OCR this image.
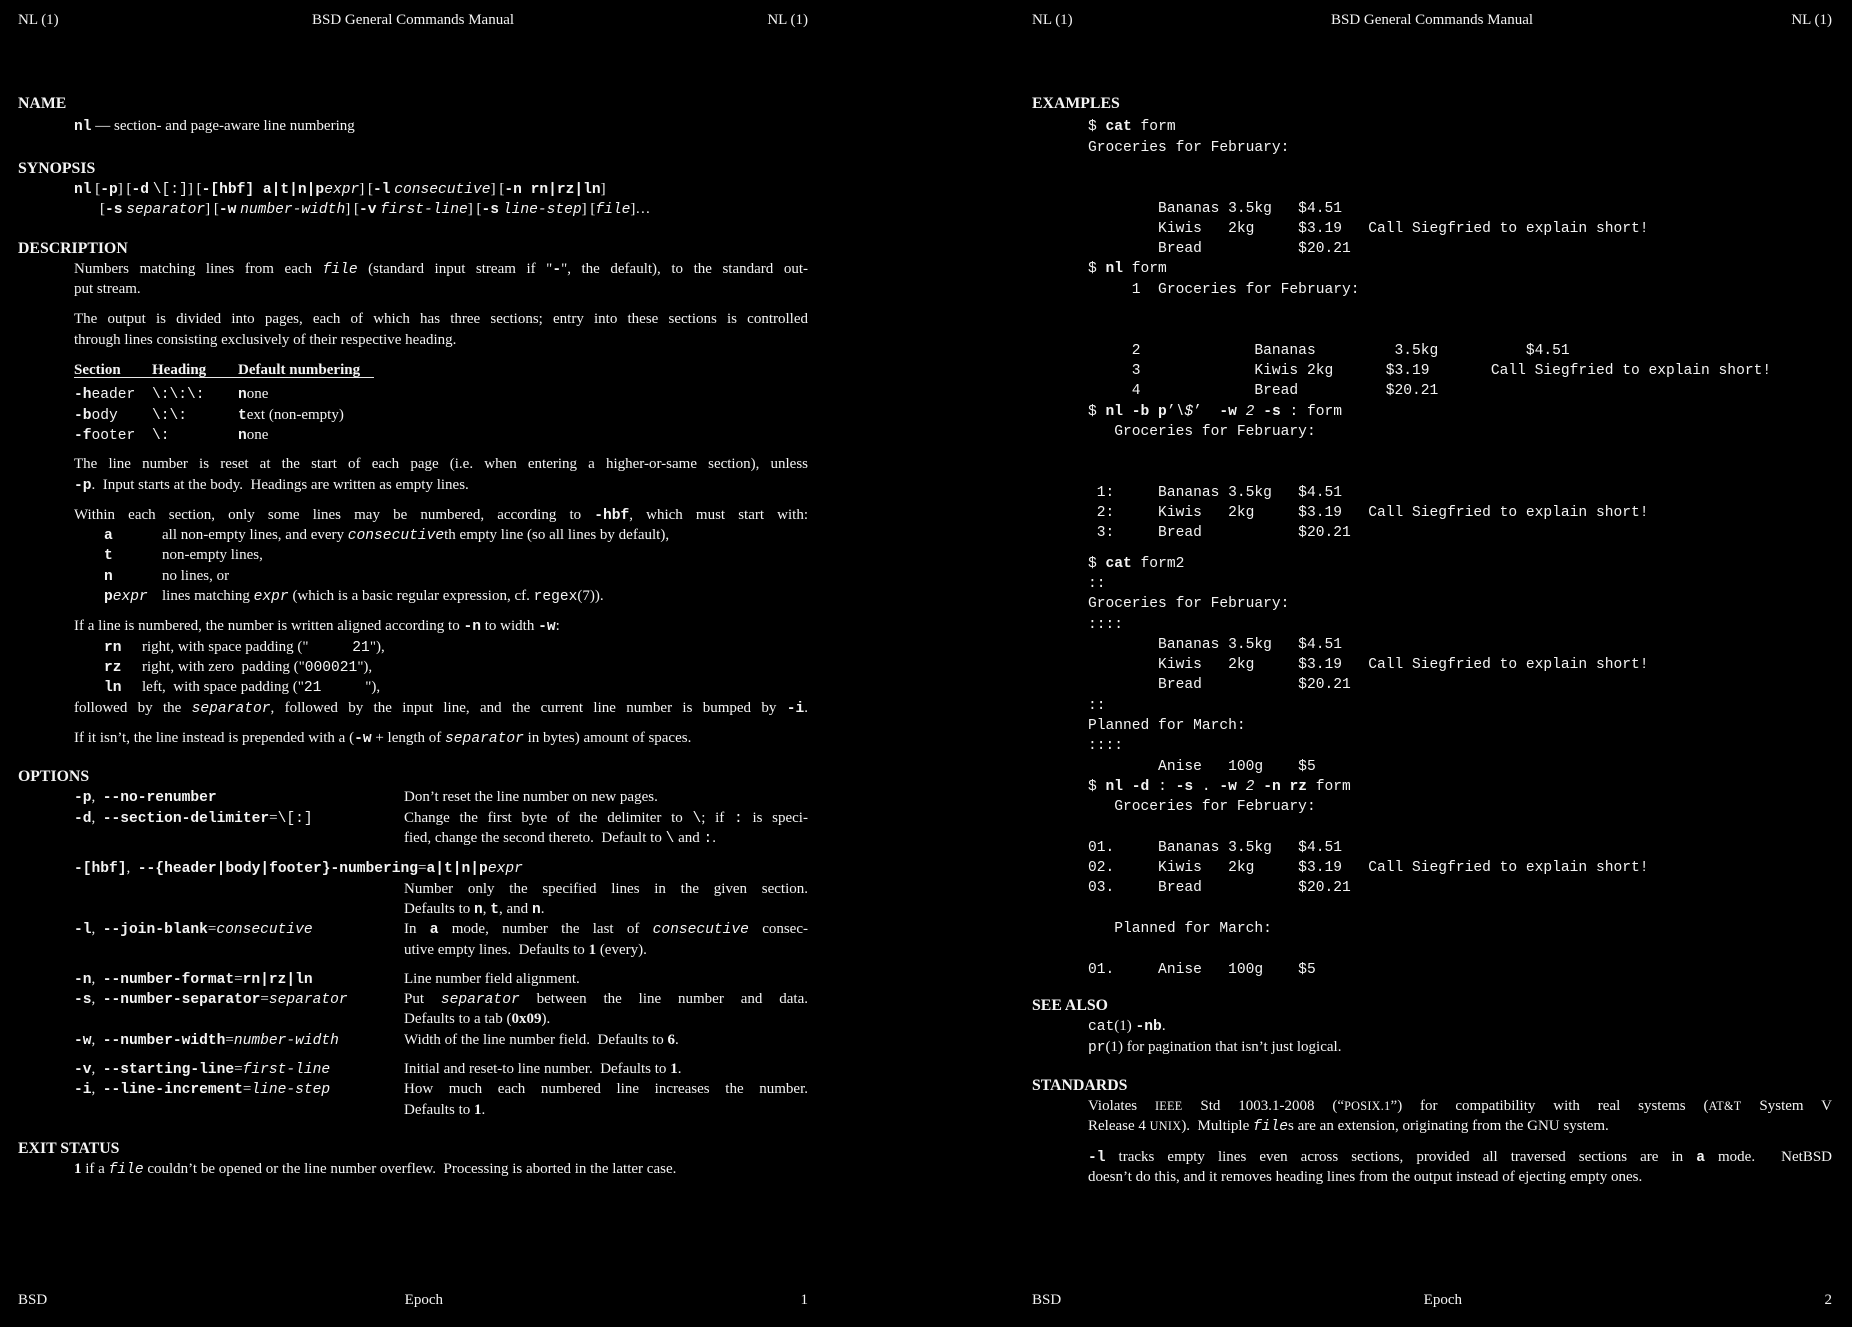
NL (1)	BSD General Commands Manual	NL (1)
NAME
nl — section- and page-aware line numbering
SYNOPSIS
nl [-p] [-d \[:]] [-[hbf] a|t|n|pexpr] [-l consecutive] [-n rn|rz|ln]
[-s separator] [-w number-width] [-v first-line] [-s line-step] [file]…
DESCRIPTION
Numbers matching lines from each file (standard input stream if "-", the default), to the standard out-
put stream.
The output is divided into pages, each of which has three sections; entry into these sections is controlled
through lines consisting exclusively of their respective heading.
Section Heading Default numbering
-header \:\:\: none
-body \:\:	text (non-empty)
-footer \:	none
The line number is reset at the start of each page (i.e. when entering a higher-or-same section), unless
-p.  Input starts at the body.  Headings are written as empty lines.
Within each section, only some lines may be numbered, according to -hbf, which must start with:
a	all non-empty lines, and every consecutiveth empty line (so all lines by default),
t	non-empty lines,
n	no lines, or
pexpr lines matching expr (which is a basic regular expression, cf. regex(7)).
If a line is numbered, the number is written aligned according to -n to width -w:
rn right, with space padding ("     21"),
rz right, with zero  padding ("000021"),
ln left,  with space padding ("21     "),
followed by the separator, followed by the input line, and the current line number is bumped by -i.
If it isn’t, the line instead is prepended with a (-w + length of separator in bytes) amount of spaces.
OPTIONS
-p,  --no-renumber	Don’t reset the line number on new pages.
-d,  --section-delimiter=\[:]	Change the first byte of the delimiter to \; if : is speci-
fied, change the second thereto.  Default to \ and :.
-[hbf],  --{header|body|footer}-numbering=a|t|n|pexpr
Number only the specified lines in the given section.
Defaults to n, t, and n.
-l,  --join-blank=consecutive	In a mode, number the last of consecutive consec-
utive empty lines.  Defaults to 1 (every).
-n,  --number-format=rn|rz|ln	Line number field alignment.
-s,  --number-separator=separator	Put separator between the line number and data.
Defaults to a tab (0x09).
-w,  --number-width=number-width	Width of the line number field.  Defaults to 6.
-v,  --starting-line=first-line	Initial and reset-to line number.  Defaults to 1.
-i,  --line-increment=line-step	How much each numbered line increases the number.
Defaults to 1.
EXIT STATUS
1 if a file couldn’t be opened or the line number overflew.  Processing is aborted in the latter case.
BSD	Epoch	1
NL (1)	BSD General Commands Manual	NL (1)
EXAMPLES
$ cat form
Groceries for February:
Bananas 3.5kg   $4.51
Kiwis   2kg     $3.19   Call Siegfried to explain short!
Bread           $20.21
$ nl form
1  Groceries for February:
2             Bananas         3.5kg          $4.51
3             Kiwis 2kg      $3.19       Call Siegfried to explain short!
4             Bread          $20.21
$ nl -b p’\$’  -w 2 -s : form
Groceries for February:
1:     Bananas 3.5kg   $4.51
2:     Kiwis   2kg     $3.19   Call Siegfried to explain short!
3:     Bread           $20.21
$ cat form2
::
Groceries for February:
::::
Bananas 3.5kg   $4.51
Kiwis   2kg     $3.19   Call Siegfried to explain short!
Bread           $20.21
::
Planned for March:
::::
Anise   100g    $5
$ nl -d : -s . -w 2 -n rz form
Groceries for February:
01.     Bananas 3.5kg   $4.51
02.     Kiwis   2kg     $3.19   Call Siegfried to explain short!
03.     Bread           $20.21
Planned for March:
01.     Anise   100g    $5
SEE ALSO
cat(1) -nb.
pr(1) for pagination that isn’t just logical.
STANDARDS
Violates IEEE Std 1003.1-2008 (“POSIX.1”) for compatibility with real systems (AT&T System V
Release 4 UNIX).  Multiple files are an extension, originating from the GNU system.
-l tracks empty lines even across sections, provided all traversed sections are in a mode.  NetBSD
doesn’t do this, and it removes heading lines from the output instead of ejecting empty ones.
BSD	Epoch	2
